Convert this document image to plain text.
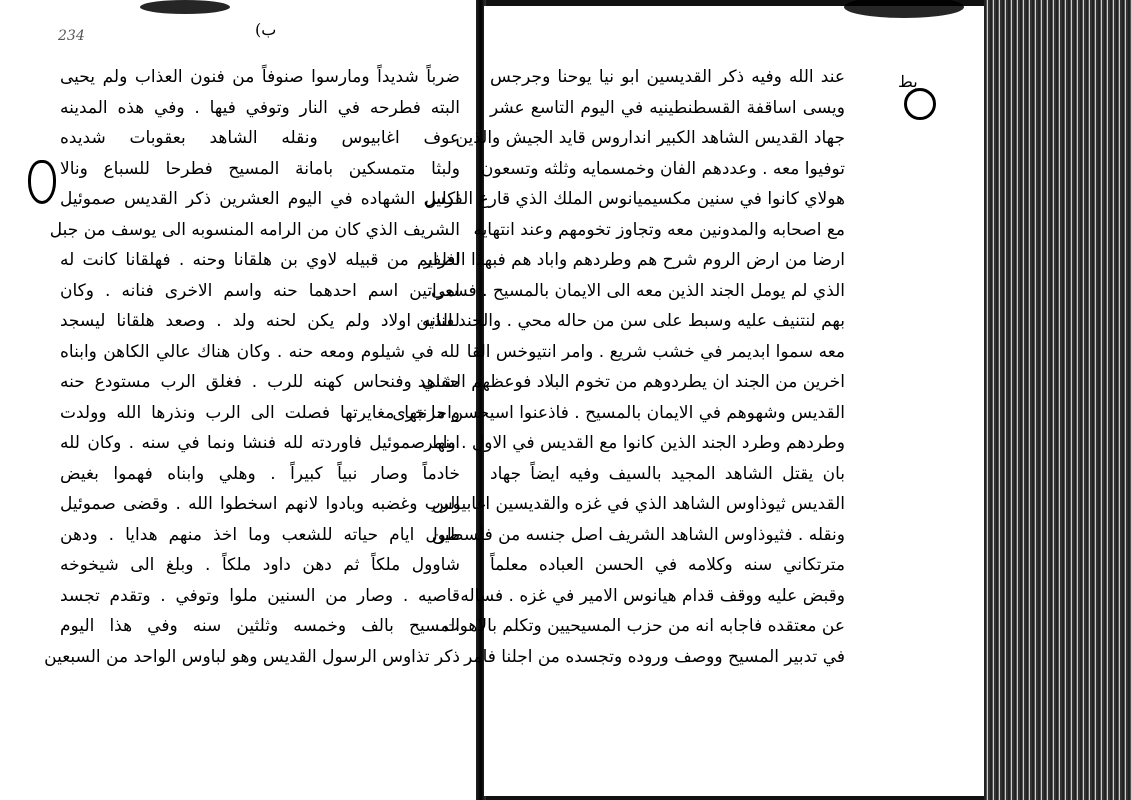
234	(ب
ضرباً شديداً ومارسوا صنوفاً من فنون العذاب ولم يحيى
البته فطرحه في النار وتوفي فيها . وفي هذه المدينه
عوف اغابيوس ونقله الشاهد بعقوبات شديده
ولبثا متمسكين بامانة المسيح فطرحا للسباع ونالا
اكليل الشهاده في اليوم العشرين ذكر القديس صموئيل
الشريف الذي كان من الرامه المنسوبه الى يوسف من جبل
افرايم من قبيله لاوي بن هلقانا وحنه . فهلقانا كانت له
امراتين اسم احدهما حنه واسم الاخرى فنانه . وكان
لفنانه اولاد ولم يكن لحنه ولد . وصعد هلقانا ليسجد
لله في شيلوم ومعه حنه . وكان هناك عالي الكاهن وابناه
حفني وفنحاس كهنه للرب . فغلق الرب مستودع حنه
واحزنتها مغايرتها فصلت الى الرب ونذرها الله وولدت
ابنها صموئيل فاوردته لله فنشا ونما في سنه . وكان لله
خادماً وصار نبياً كبيراً . وهلي وابناه فهموا بغيض
الرب وغضبه وبادوا لانهم اسخطوا الله . وقضى صموئيل
طول ايام حياته للشعب وما اخذ منهم هدايا . ودهن
شاوول ملكاً ثم دهن داود ملكاً . وبلغ الى شيخوخه
قاصيه . وصار من السنين ملوا وتوفي . وتقدم تجسد
المسيح بالف وخمسه وثلثين سنه وفي هذا اليوم
ذكر تذاوس الرسول القديس وهو لباوس الواحد من السبعين
بط
عند الله وفيه ذكر القديسين ابو نيا يوحنا وجرجس
ويسى اساقفة القسطنطينيه في اليوم التاسع عشر
جهاد القديس الشاهد الكبير انداروس قايد الجيش والذين
توفيوا معه . وعددهم الفان وخمسمايه وثلثه وتسعون
هولاي كانوا في سنين مكسيميانوس الملك الذي قارع الفرس
مع اصحابه والمدونين معه وتجاوز تخومهم وعند انتهايه
ارضا من ارض الروم شرح هم وطردهم واباد هم فبهذا الظفر
الذي لم يومل الجند الذين معه الى الايمان بالمسيح . فسعى
بهم لنتنيف عليه وسبط على سن من حاله محي . والجند الذين
معه سموا ابديمر في خشب شريع . وامر انتيوخس القا
اخرين من الجند ان يطردوهم من تخوم البلاد فوعظهم الشاهد
القديس وشهوهم في الايمان بالمسيح . فاذعنوا اسيحسن ما جرى
وطردهم وطرد الجند الذين كانوا مع القديس في الاول . وامر
بان يقتل الشاهد المجيد بالسيف وفيه ايضاً جهاد
القديس ثيوذاوس الشاهد الذي في غزه والقديسين اغابيوس
ونقله . فثيوذاوس الشاهد الشريف اصل جنسه من فلسطين
مترتكاني سنه وكلامه في الحسن العباده معلماً
وقبض عليه ووقف قدام هيانوس الامير في غزه . فساله
عن معتقده فاجابه انه من حزب المسيحيين وتكلم بالاهوت
في تدبير المسيح ووصف وروده وتجسده من اجلنا فامر
